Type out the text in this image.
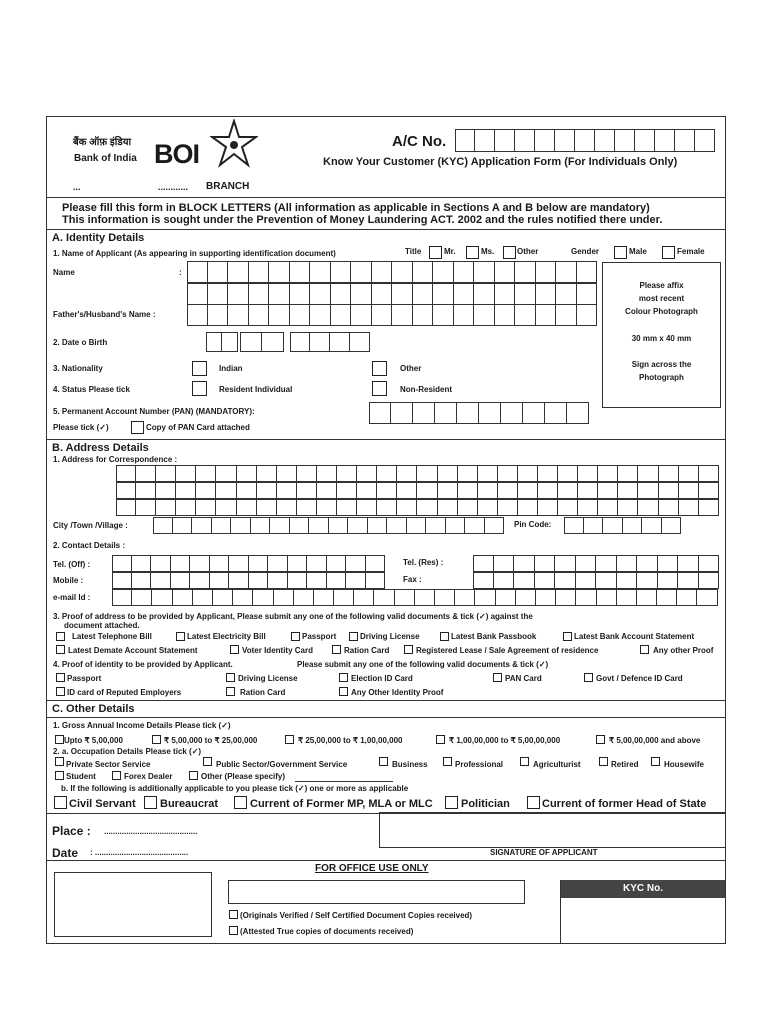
बैंक ऑफ़ इंडिया
Bank of India BOI
...	............ BRANCH
A/C No.
Know Your Customer (KYC) Application Form (For Individuals Only)
Please fill this form in BLOCK LETTERS (All information as applicable in Sections A and B below are mandatory)
This information is sought under the Prevention of Money Laundering ACT. 2002 and the rules notified there under.
A. Identity Details
1. Name of Applicant (As appearing in supporting identification document)	Title	Mr.	Ms.	Other	Gender	Male	Female
Name	:
Father's/Husband's Name :
2. Date o Birth
3. Nationality	Indian	Other
4. Status Please tick	Resident Individual	Non-Resident
5. Permanent Account Number (PAN) (MANDATORY):
Please tick (✓)	Copy of PAN Card attached
Please affix
most recent
Colour Photograph
30 mm x 40 mm
Sign across the
Photograph
B. Address Details
1. Address for Correspondence :
City /Town /Village :	Pin Code:
2. Contact Details :
Tel. (Off) :
Mobile :
e-mail Id :
Tel. (Res) :
Fax :
3. Proof of address to be provided by Applicant, Please submit any one of the following valid documents & tick (✓) against the
document attached.
Latest Telephone Bill	Latest Electricity Bill	Passport	Driving License	Latest Bank Passbook	Latest Bank Account Statement
Latest Demate Account Statement	Voter Identity Card	Ration Card	Registered Lease / Sale Agreement of residence	Any other Proof
4. Proof of identity to be provided by Applicant.	Please submit any one of the following valid documents & tick (✓)
Passport	Driving License	Election ID Card	PAN Card	Govt / Defence ID Card
ID card of Reputed Employers	Ration Card	Any Other Identity Proof
C. Other Details
1. Gross Annual Income Details Please tick (✓)
Upto ₹ 5,00,000	₹ 5,00,000 to ₹ 25,00,000	₹ 25,00,000 to ₹ 1,00,00,000	₹ 1,00,00,000 to ₹ 5,00,00,000	₹ 5,00,00,000 and above
2. a. Occupation Details Please tick (✓)
Private Sector Service	Public Sector/Government Service	Business	Professional	Agriculturist	Retired	Housewife
Student	Forex Dealer	Other (Please specify)
b. If the following is additionally applicable to you please tick (✓) one or more as applicable
Civil Servant Bureaucrat	Current of Former MP, MLA or MLC	Politician	Current of former Head of State
Place : ..........................................
Date : ..........................................	SIGNATURE OF APPLICANT
FOR OFFICE USE ONLY
(Originals Verified / Self Certified Document Copies received)
(Attested True copies of documents received)
KYC No.
